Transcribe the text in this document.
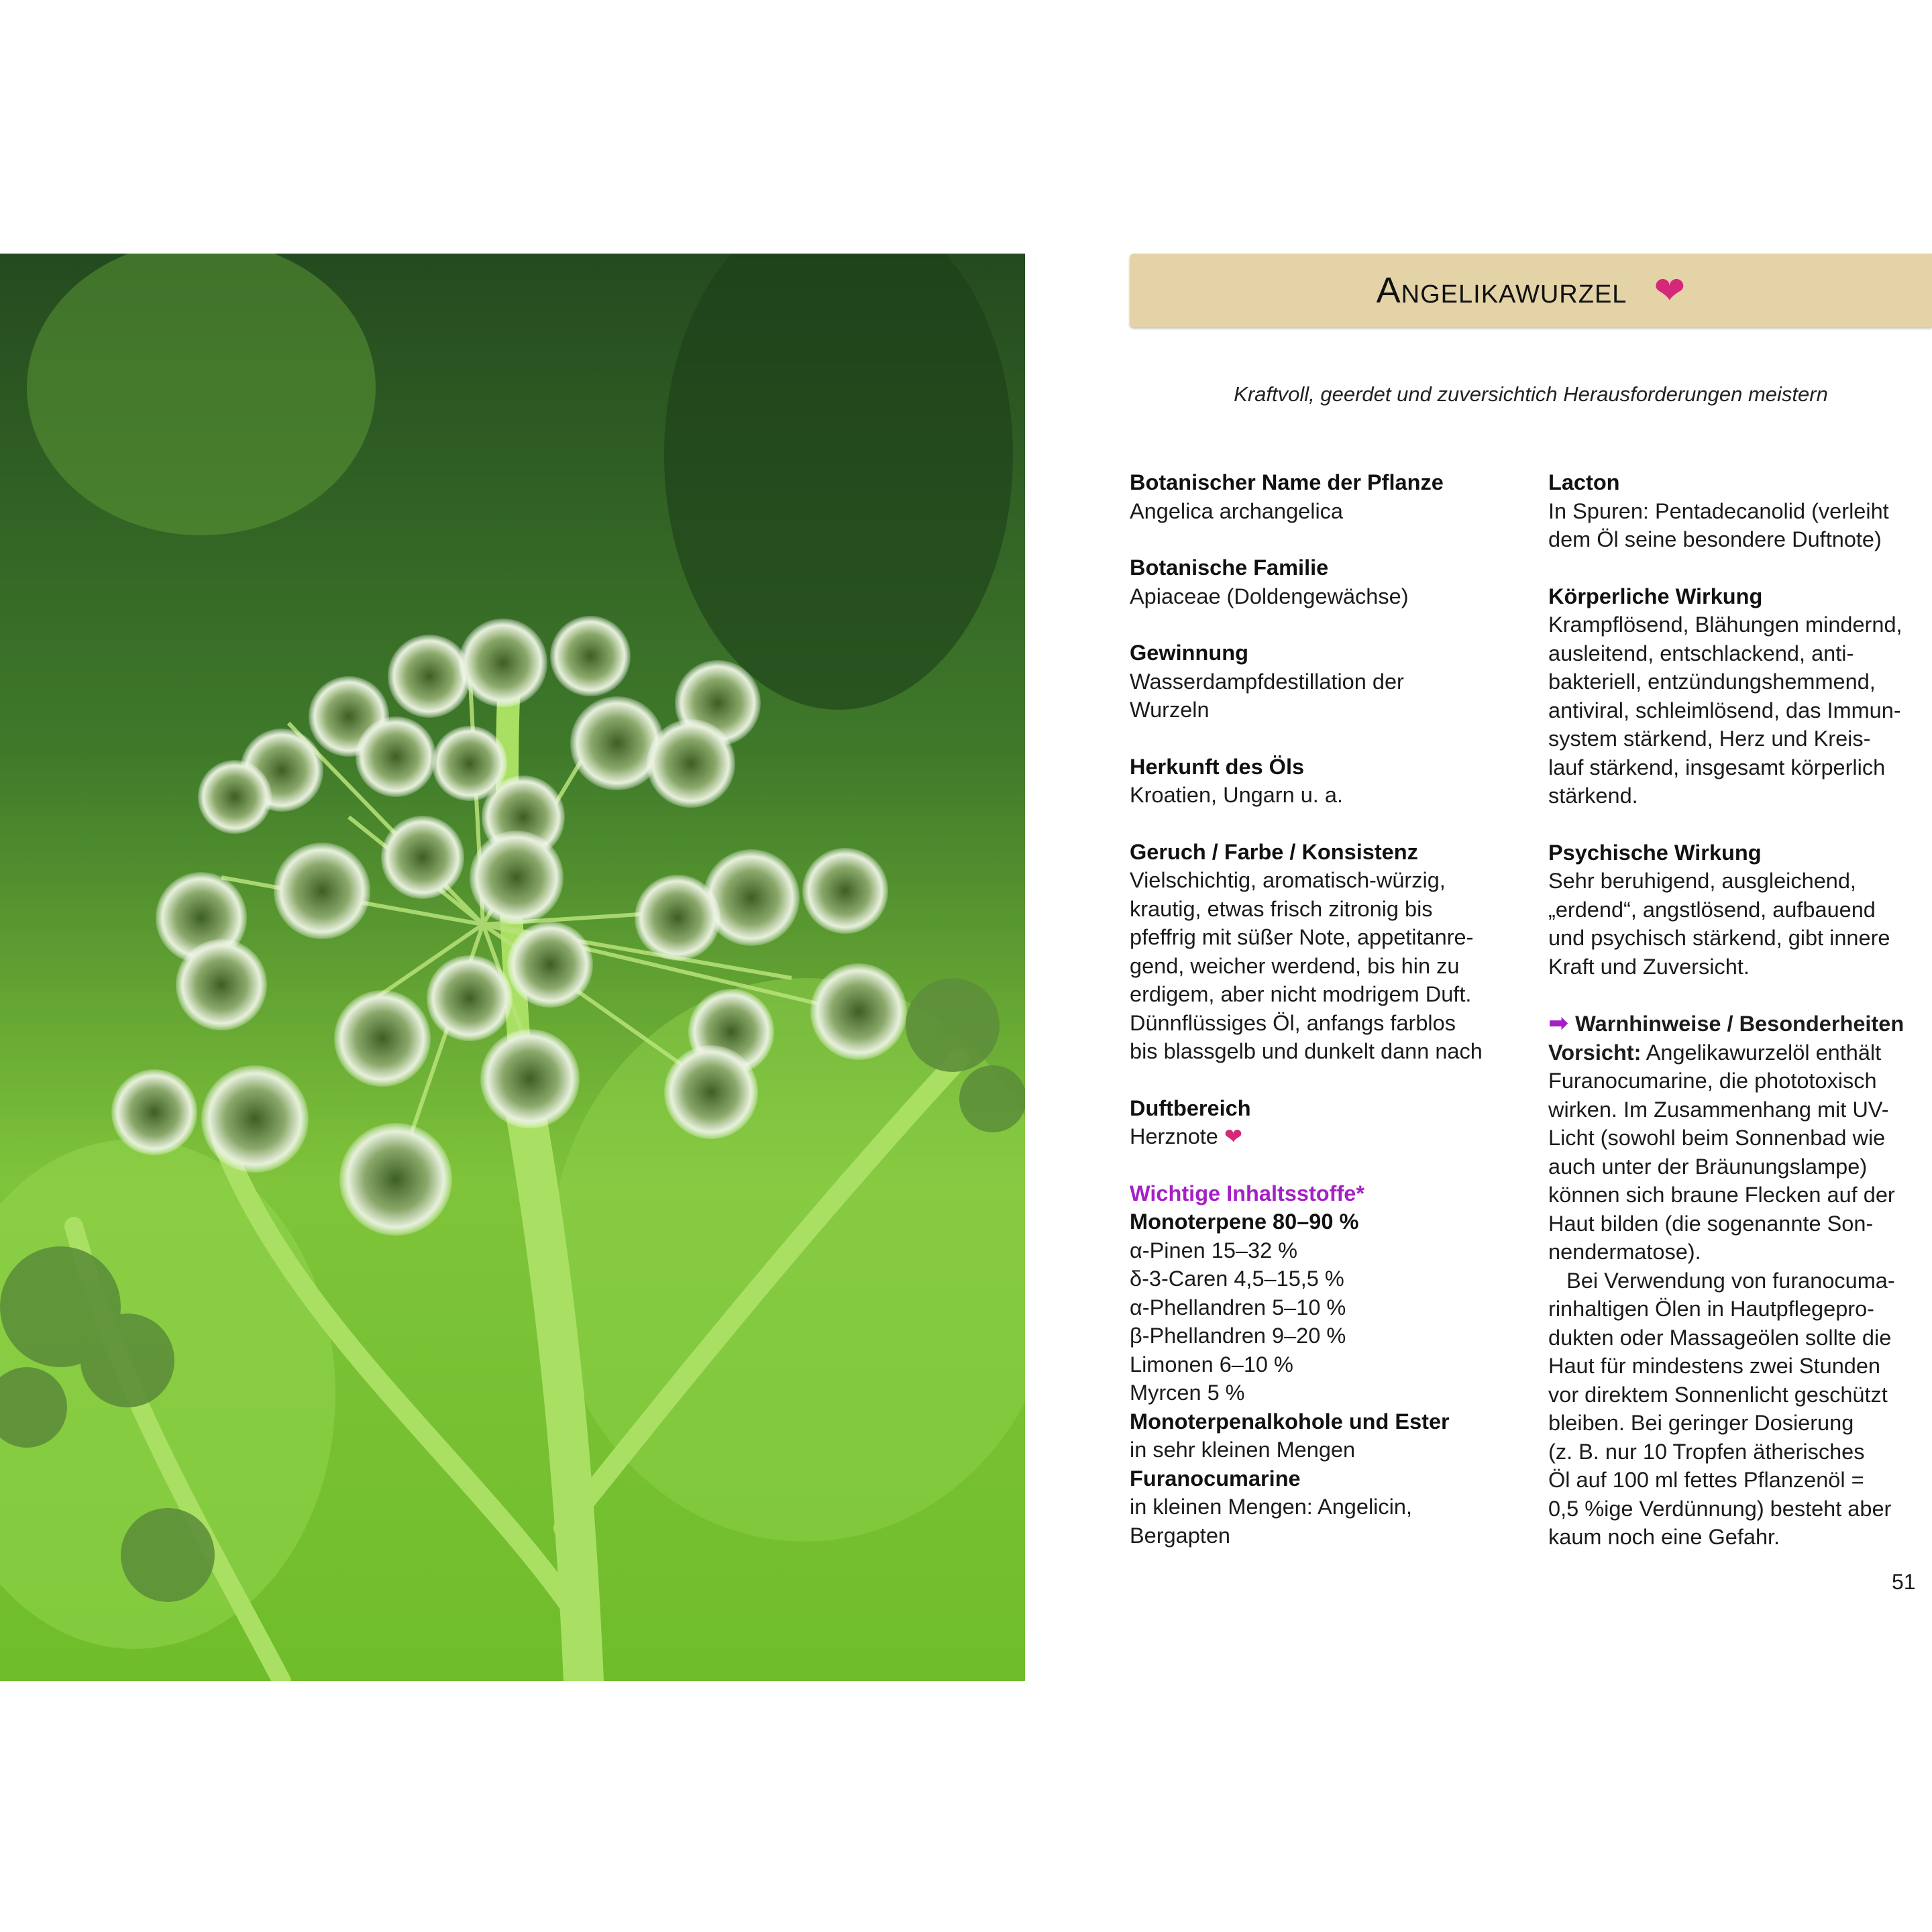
Angelikawurzel ❤
Kraftvoll, geerdet und zuversichtich Herausforderungen meistern
Botanischer Name der Pflanze
Angelica archangelica
Botanische Familie
Apiaceae (Doldengewächse)
Gewinnung
Wasserdampfdestillation der
Wurzeln
Herkunft des Öls
Kroatien, Ungarn u. a.
Geruch / Farbe / Konsistenz
Vielschichtig, aromatisch-würzig,
krautig, etwas frisch zitronig bis
pfeffrig mit süßer Note, appetitanre-
gend, weicher werdend, bis hin zu
erdigem, aber nicht modrigem Duft.
Dünnflüssiges Öl, anfangs farblos
bis blassgelb und dunkelt dann nach
Duftbereich
Herznote ❤
Wichtige Inhaltsstoffe*
Monoterpene 80–90 %
α-Pinen 15–32 %
δ-3-Caren 4,5–15,5 %
α-Phellandren 5–10 %
β-Phellandren 9–20 %
Limonen 6–10 %
Myrcen 5 %
Monoterpenalkohole und Ester
in sehr kleinen Mengen
Furanocumarine
in kleinen Mengen: Angelicin,
Bergapten
Lacton
In Spuren: Pentadecanolid (verleiht
dem Öl seine besondere Duftnote)
Körperliche Wirkung
Krampflösend, Blähungen mindernd,
ausleitend, entschlackend, anti-
bakteriell, entzündungshemmend,
antiviral, schleimlösend, das Immun-
system stärkend, Herz und Kreis-
lauf stärkend, insgesamt körperlich
stärkend.
Psychische Wirkung
Sehr beruhigend, ausgleichend,
„erdend“, angstlösend, aufbauend
und psychisch stärkend, gibt innere
Kraft und Zuversicht.
➡ Warnhinweise / Besonderheiten
Vorsicht: Angelikawurzelöl enthält
Furanocumarine, die phototoxisch
wirken. Im Zusammenhang mit UV-
Licht (sowohl beim Sonnenbad wie
auch unter der Bräunungslampe)
können sich braune Flecken auf der
Haut bilden (die sogenannte Son-
nendermatose).
Bei Verwendung von furanocuma-
rinhaltigen Ölen in Hautpflegepro-
dukten oder Massageölen sollte die
Haut für mindestens zwei Stunden
vor direktem Sonnenlicht geschützt
bleiben. Bei geringer Dosierung
(z. B. nur 10 Tropfen ätherisches
Öl auf 100 ml fettes Pflanzenöl =
0,5 %ige Verdünnung) besteht aber
kaum noch eine Gefahr.
51
